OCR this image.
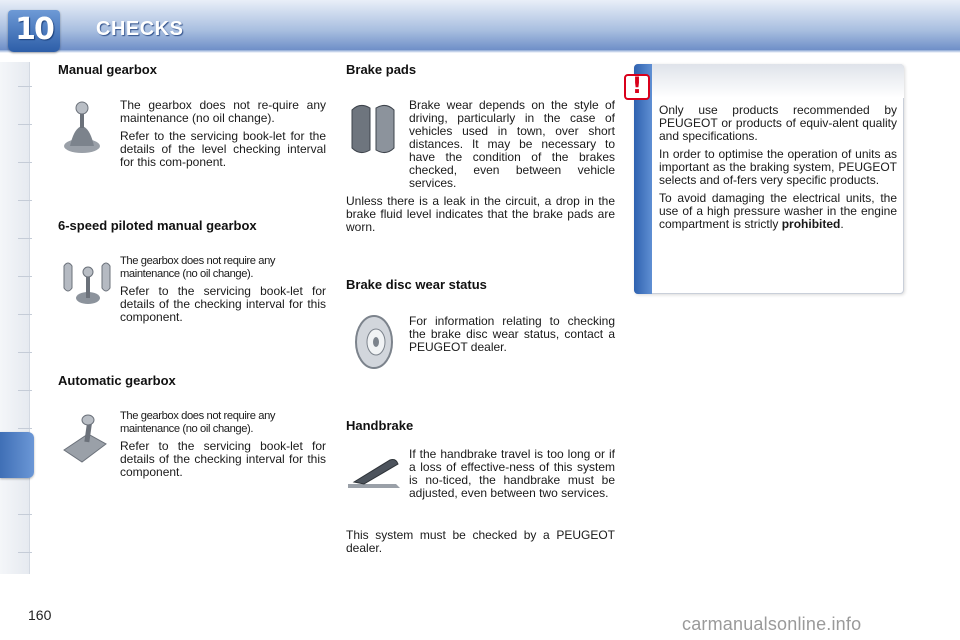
10	CHECKS
Manual gearbox

The gearbox does not re-quire any maintenance (no oil change).

Refer to the servicing book-let for the details of the level checking interval for this com-ponent.

6-speed piloted manual gearbox

The gearbox does not require any maintenance (no oil change).

Refer to the servicing book-let for details of the checking interval for this component.

Automatic gearbox

The gearbox does not require any maintenance (no oil change).

Refer to the servicing book-let for details of the checking interval for this component.

Brake pads

Brake wear depends on the style of driving, particularly in the case of vehicles used in town, over short distances. It may be necessary to have the condition of the brakes checked, even between vehicle services.

Unless there is a leak in the circuit, a drop in the brake fluid level indicates that the brake pads are worn.

Brake disc wear status

For information relating to checking the brake disc wear status, contact a PEUGEOT dealer.

Handbrake

If the handbrake travel is too long or if a loss of effective-ness of this system is no-ticed, the handbrake must be adjusted, even between two services.

This system must be checked by a PEUGEOT dealer.

!

Only use products recommended by PEUGEOT or products of equiv-alent quality and specifications.

In order to optimise the operation of units as important as the braking system, PEUGEOT selects and of-fers very specific products.

To avoid damaging the electrical units, the use of a high pressure washer in the engine compartment is strictly prohibited.

160	carmanualsonline.info
